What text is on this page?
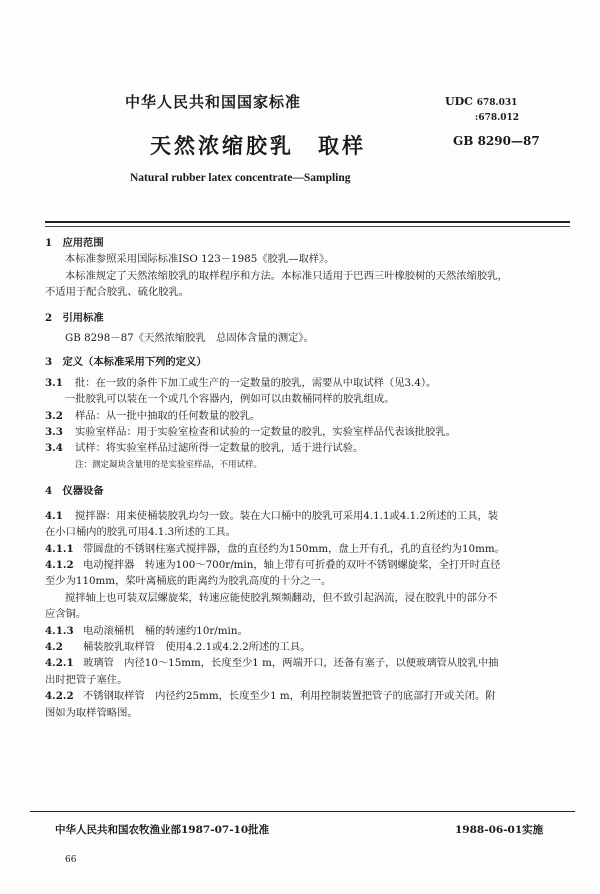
中华人民共和国国家标准	UDC 678.031
:678.012
天然浓缩胶乳　取样	GB 8290—87
Natural rubber latex concentrate—Sampling
1　应用范围
本标准参照采用国际标准ISO 123－1985《胶乳—取样》。
本标准规定了天然浓缩胶乳的取样程序和方法。本标准只适用于巴西三叶橡胶树的天然浓缩胶乳，
不适用于配合胶乳、硫化胶乳。
2　引用标准
GB 8298－87《天然浓缩胶乳　总固体含量的测定》。
3　定义（本标准采用下列的定义）
3.1 批：在一致的条件下加工或生产的一定数量的胶乳，需要从中取试样（见3.4）。
一批胶乳可以装在一个或几个容器内，例如可以由数桶同样的胶乳组成。
3.2 样品：从一批中抽取的任何数量的胶乳。
3.3 实验室样品：用于实验室检查和试验的一定数量的胶乳，实验室样品代表该批胶乳。
3.4 试样：将实验室样品过滤所得一定数量的胶乳，适于进行试验。
注：测定凝块含量用的是实验室样品，不用试样。
4　仪器设备
4.1 搅拌器：用来使桶装胶乳均匀一致。装在大口桶中的胶乳可采用4.1.1或4.1.2所述的工具，装
在小口桶内的胶乳可用4.1.3所述的工具。
4.1.1 带圆盘的不锈钢柱塞式搅拌器，盘的直径约为150mm，盘上开有孔，孔的直径约为10mm。
4.1.2 电动搅拌器　转速为100～700r/min，轴上带有可折叠的双叶不锈钢螺旋桨，全打开时直径
至少为110mm，桨叶离桶底的距离约为胶乳高度的十分之一。
搅拌轴上也可装双层螺旋桨，转速应能使胶乳频频翻动，但不致引起涡流，浸在胶乳中的部分不
应含铜。
4.1.3 电动滚桶机　桶的转速约10r/min。
4.2 桶装胶乳取样管　使用4.2.1或4.2.2所述的工具。
4.2.1 玻璃管　内径10～15mm，长度至少1 m，两端开口，还备有塞子，以便玻璃管从胶乳中抽
出时把管子塞住。
4.2.2 不锈钢取样管　内径约25mm，长度至少1 m，利用控制装置把管子的底部打开或关闭。附
图如为取样管略图。
中华人民共和国农牧渔业部1987-07-10批准	1988-06-01实施
66
